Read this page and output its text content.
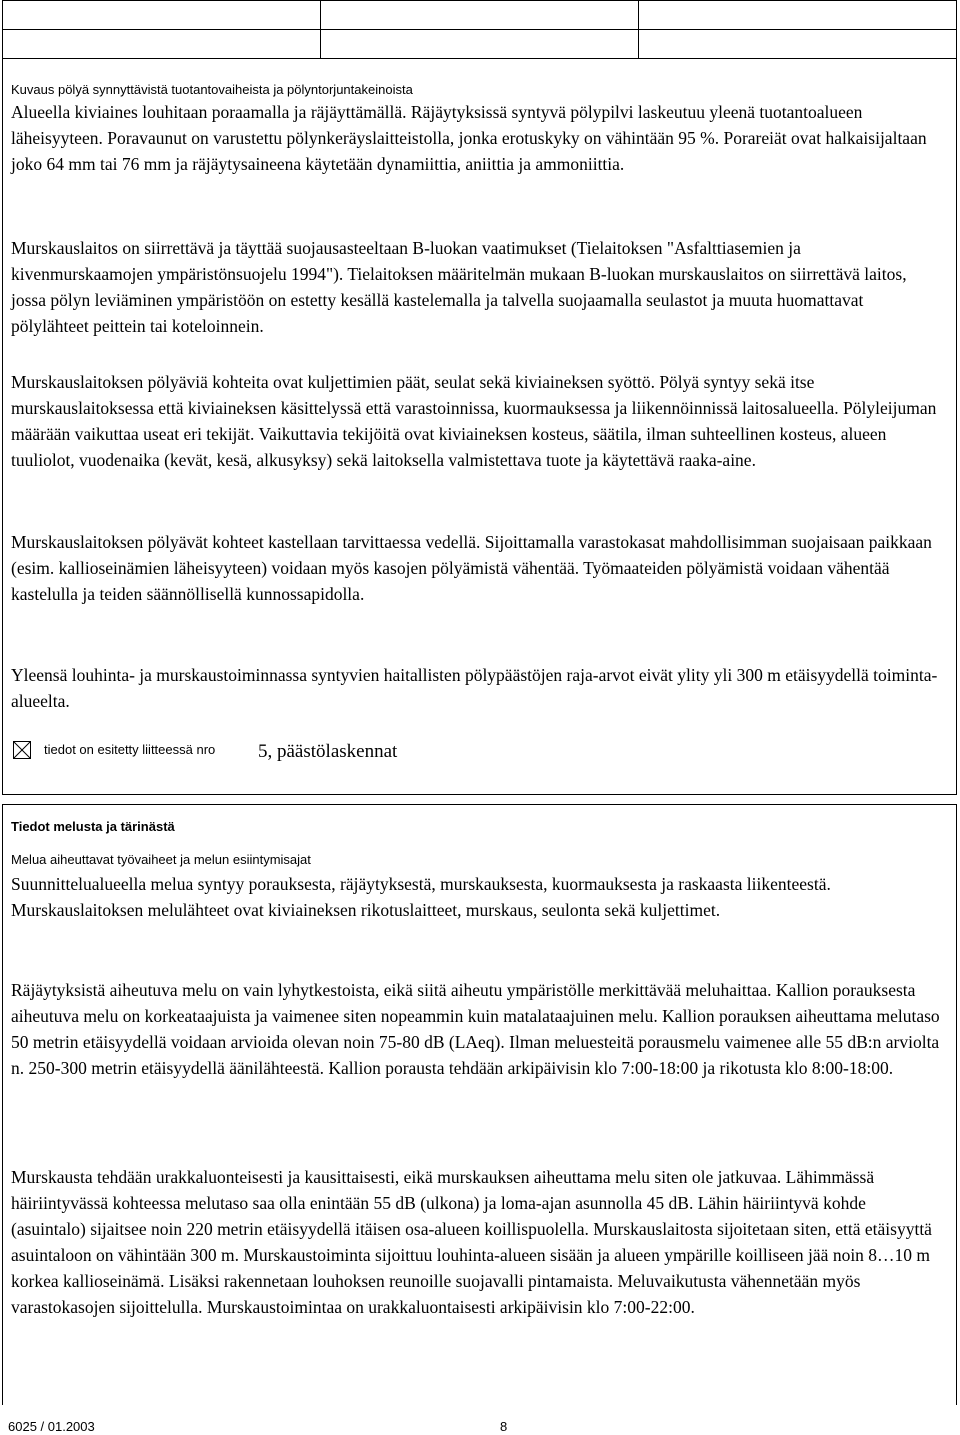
Kuvaus pölyä synnyttävistä tuotantovaiheista ja pölyntorjuntakeinoista

Alueella kiviaines louhitaan poraamalla ja räjäyttämällä. Räjäytyksissä syntyvä pölypilvi laskeutuu yleenä tuotantoalueen läheisyyteen. Poravaunut on varustettu pölynkeräyslaitteistolla, jonka erotuskyky on vähintään 95 %. Porareiät ovat halkaisijaltaan joko 64 mm tai 76 mm ja räjäytysaineena käytetään dynamiittia, aniittia ja ammoniittia.

Murskauslaitos on siirrettävä ja täyttää suojausasteeltaan B-luokan vaatimukset (Tielaitoksen "Asfalttiasemien ja kivenmurskaamojen ympäristönsuojelu 1994"). Tielaitoksen määritelmän mukaan B-luokan murskauslaitos on siirrettävä laitos, jossa pölyn leviäminen ympäristöön on estetty kesällä kastelemalla ja talvella suojaamalla seulastot ja muuta huomattavat pölylähteet peittein tai koteloinnein.

Murskauslaitoksen pölyäviä kohteita ovat kuljettimien päät, seulat sekä kiviaineksen syöttö. Pölyä syntyy sekä itse murskauslaitoksessa että kiviaineksen käsittelyssä että varastoinnissa, kuormauksessa ja liikennöinnissä laitosalueella. Pölyleijuman määrään vaikuttaa useat eri tekijät. Vaikuttavia tekijöitä ovat kiviaineksen kosteus, säätila, ilman suhteellinen kosteus, alueen tuuliolot, vuodenaika (kevät, kesä, alkusyksy) sekä laitoksella valmistettava tuote ja käytettävä raaka-aine.

Murskauslaitoksen pölyävät kohteet kastellaan tarvittaessa vedellä. Sijoittamalla varastokasat mahdollisimman suojaisaan paikkaan (esim. kallioseinämien läheisyyteen) voidaan myös kasojen pölyämistä vähentää. Työmaateiden pölyämistä voidaan vähentää kastelulla ja teiden säännöllisellä kunnossapidolla.

Yleensä louhinta- ja murskaustoiminnassa syntyvien haitallisten pölypäästöjen raja-arvot eivät ylity yli 300 m etäisyydellä toiminta-alueelta.

tiedot on esitetty liitteessä nro 5, päästölaskennat
Tiedot melusta ja tärinästä
Melua aiheuttavat työvaiheet ja melun esiintymisajat

Suunnittelualueella melua syntyy porauksesta, räjäytyksestä, murskauksesta, kuormauksesta ja raskaasta liikenteestä. Murskauslaitoksen melulähteet ovat kiviaineksen rikotuslaitteet, murskaus, seulonta sekä kuljettimet.

Räjäytyksistä aiheutuva melu on vain lyhytkestoista, eikä siitä aiheutu ympäristölle merkittävää meluhaittaa. Kallion porauksesta aiheutuva melu on korkeataajuista ja vaimenee siten nopeammin kuin matalataajuinen melu. Kallion porauksen aiheuttama melutaso 50 metrin etäisyydellä voidaan arvioida olevan noin 75-80 dB (LAeq). Ilman meluesteitä porausmelu vaimenee alle 55 dB:n arviolta n. 250-300 metrin etäisyydellä äänilähteestä. Kallion porausta tehdään arkipäivisin klo 7:00-18:00 ja rikotusta klo 8:00-18:00.

Murskausta tehdään urakkaluonteisesti ja kausittaisesti, eikä murskauksen aiheuttama melu siten ole jatkuvaa. Lähimmässä häiriintyvässä kohteessa melutaso saa olla enintään 55 dB (ulkona) ja loma-ajan asunnolla 45 dB. Lähin häiriintyvä kohde (asuintalo) sijaitsee noin 220 metrin etäisyydellä itäisen osa-alueen koillispuolella. Murskauslaitosta sijoitetaan siten, että etäisyyttä asuintaloon on vähintään 300 m. Murskaustoiminta sijoittuu louhinta-alueen sisään ja alueen ympärille koilliseen jää noin 8…10 m korkea kallioseinämä. Lisäksi rakennetaan louhoksen reunoille suojavalli pintamaista. Meluvaikutusta vähennetään myös varastokasojen sijoittelulla. Murskaustoimintaa on urakkaluontaisesti arkipäivisin klo 7:00-22:00.

6025 / 01.2003	8
